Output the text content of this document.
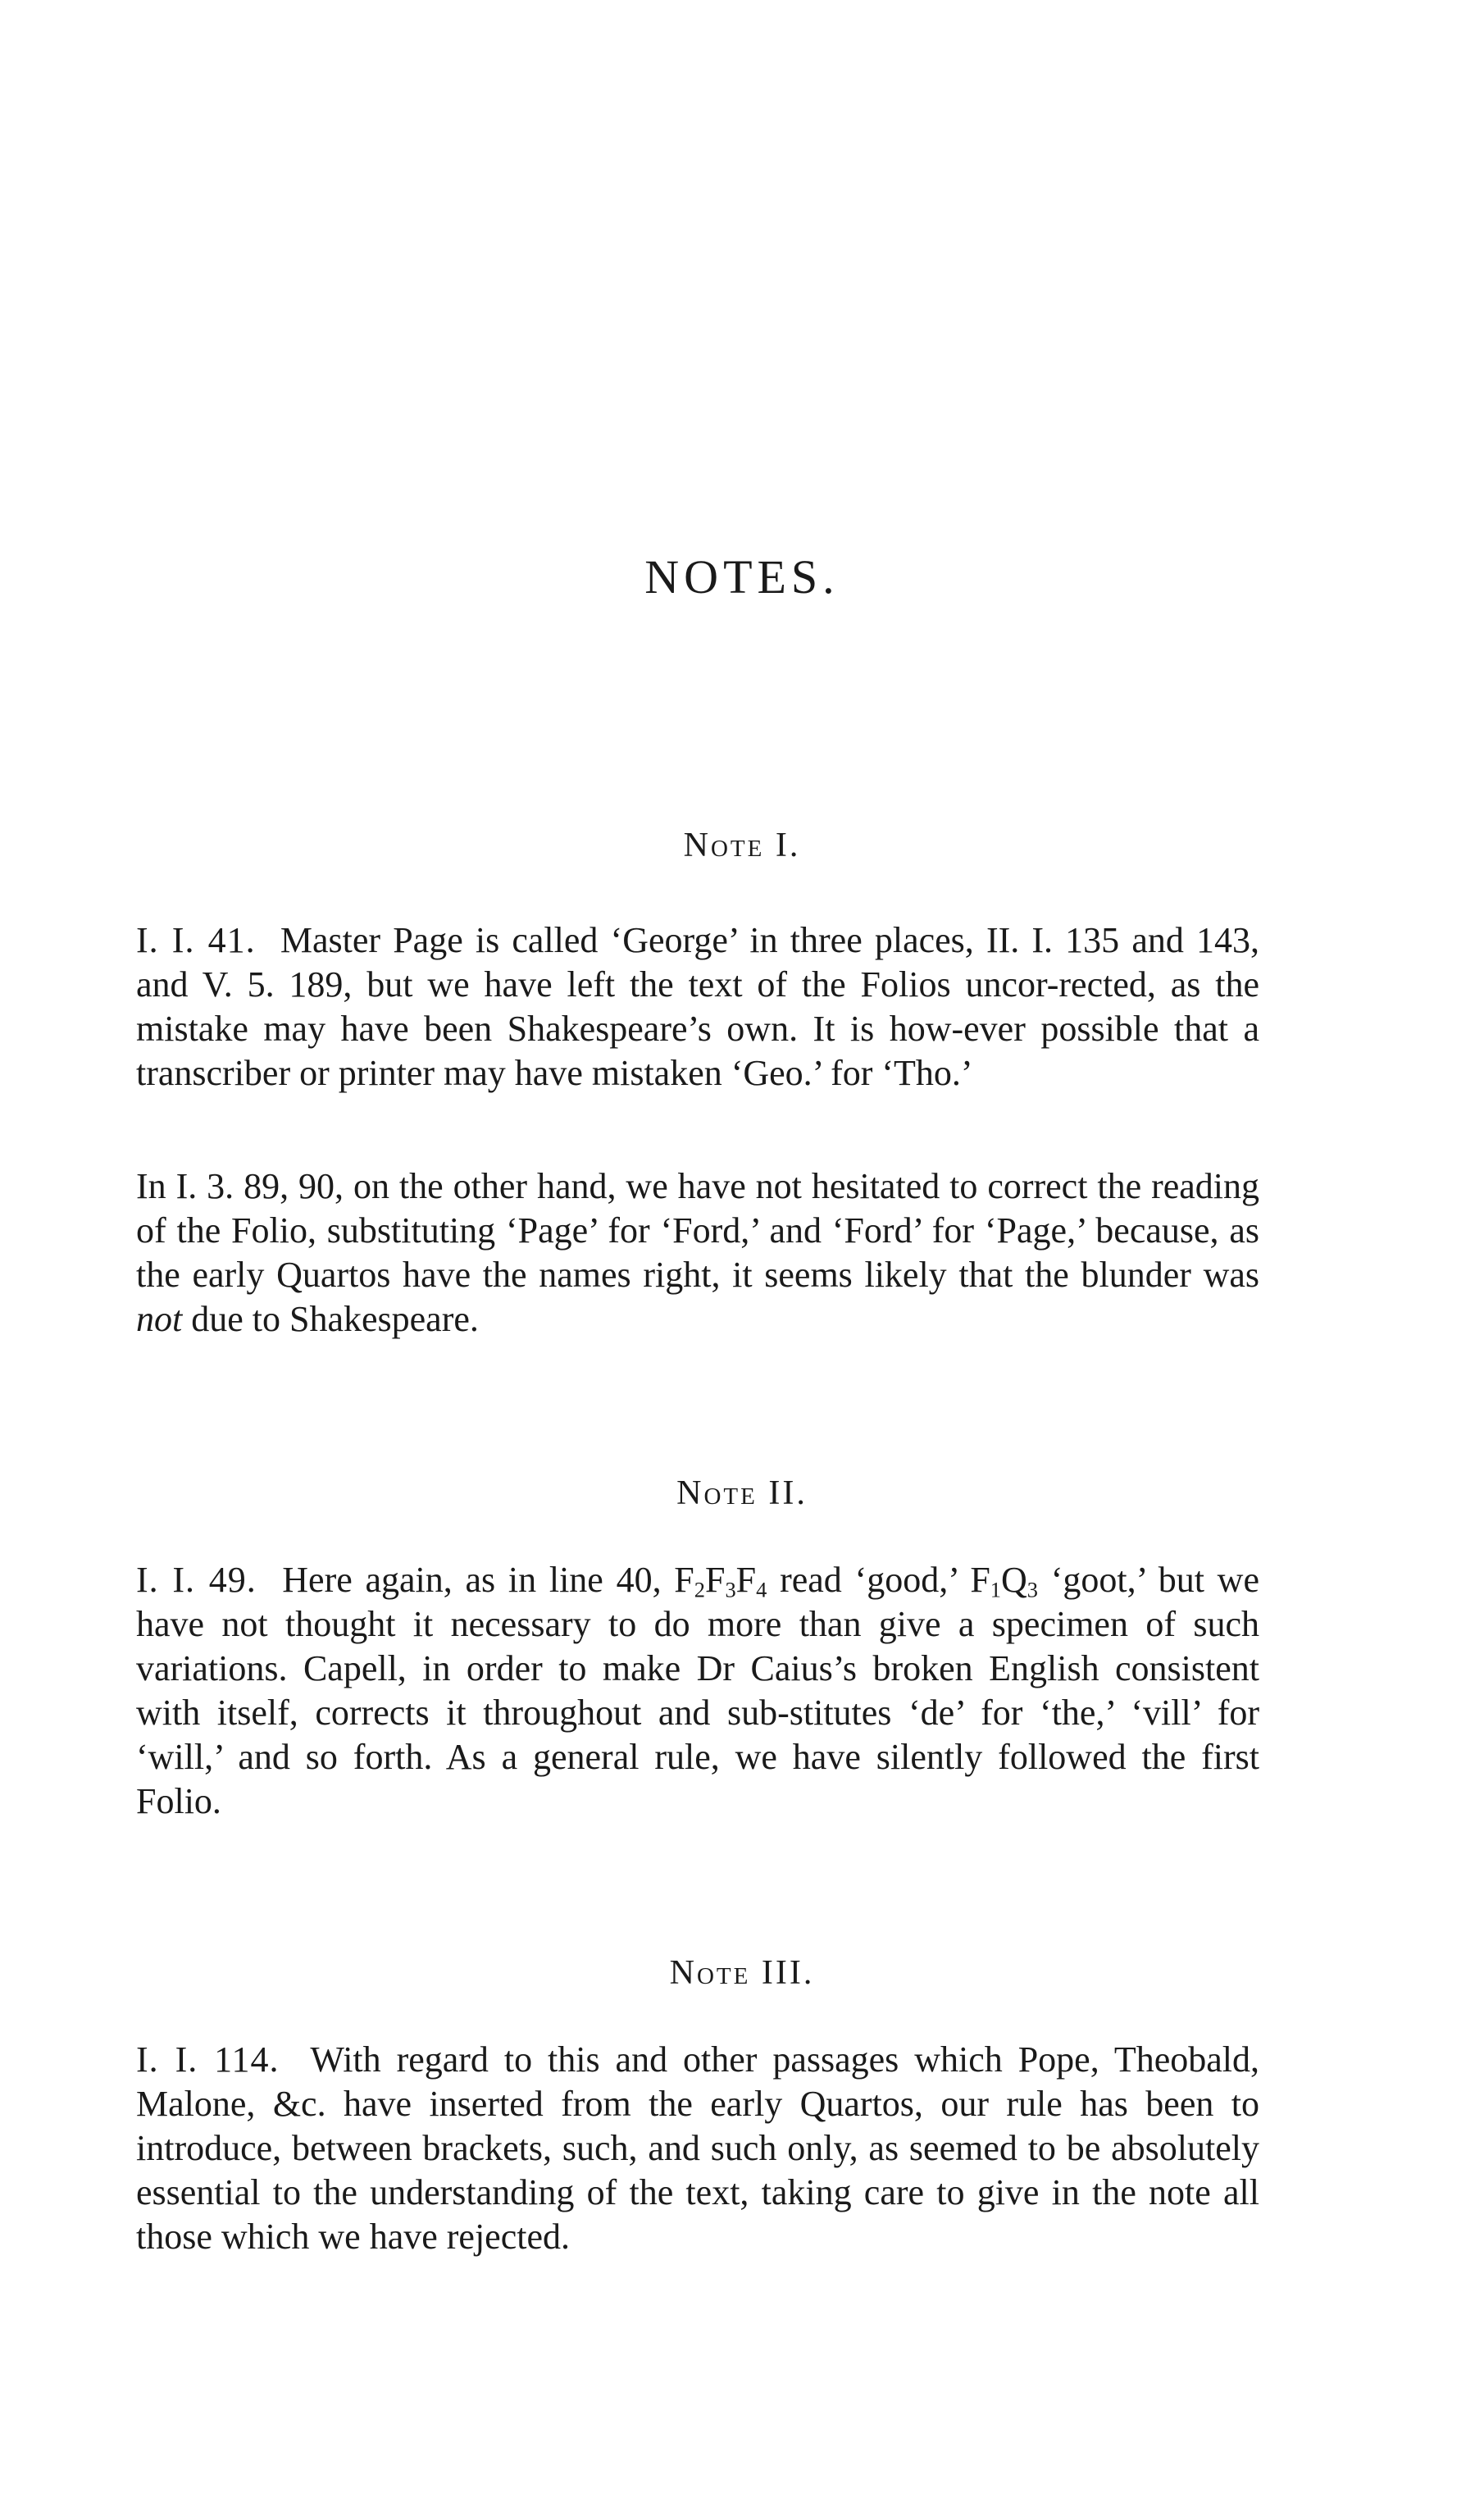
NOTES.
Note I.
I. I. 41. Master Page is called ‘George’ in three places, II. I. 135 and 143, and V. 5. 189, but we have left the text of the Folios uncor-rected, as the mistake may have been Shakespeare’s own. It is how-ever possible that a transcriber or printer may have mistaken ‘Geo.’ for ‘Tho.’
In I. 3. 89, 90, on the other hand, we have not hesitated to correct the reading of the Folio, substituting ‘Page’ for ‘Ford,’ and ‘Ford’ for ‘Page,’ because, as the early Quartos have the names right, it seems likely that the blunder was not due to Shakespeare.
Note II.
I. I. 49. Here again, as in line 40, $F_2F_3F_4$ read ‘good,’ $F_1Q_3$ ‘goot,’ but we have not thought it necessary to do more than give a specimen of such variations. Capell, in order to make Dr Caius’s broken English consistent with itself, corrects it throughout and sub-stitutes ‘de’ for ‘the,’ ‘vill’ for ‘will,’ and so forth. As a general rule, we have silently followed the first Folio.
Note III.
I. I. 114. With regard to this and other passages which Pope, Theobald, Malone, &c. have inserted from the early Quartos, our rule has been to introduce, between brackets, such, and such only, as seemed to be absolutely essential to the understanding of the text, taking care to give in the note all those which we have rejected.
